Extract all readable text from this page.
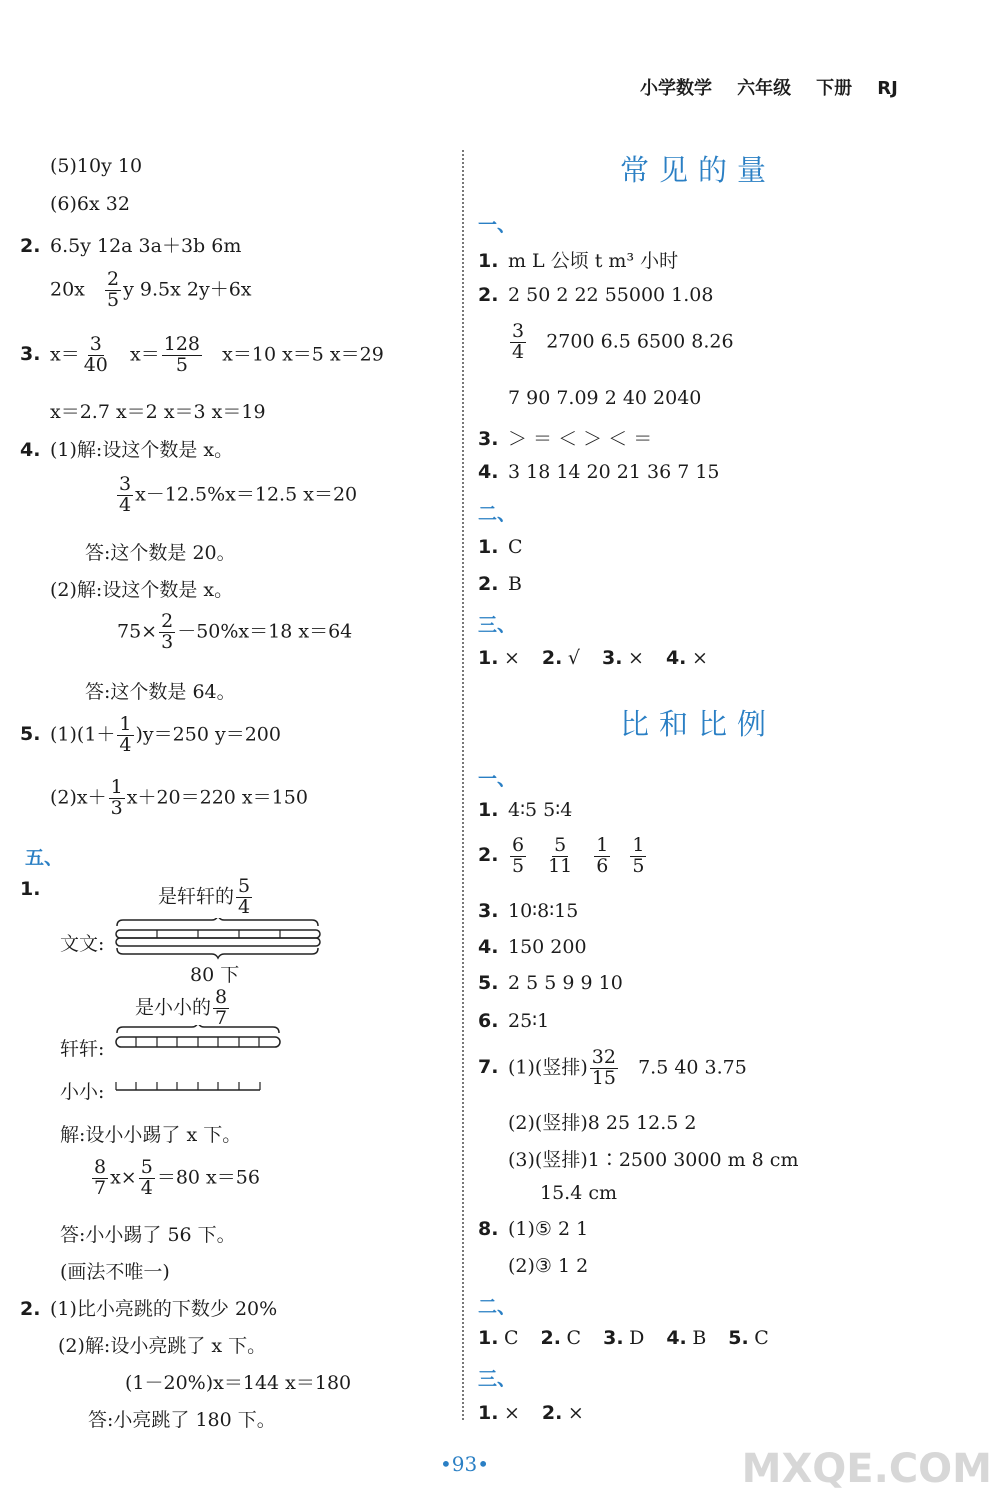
小学数学 六年级 下册 RJ
(5)10y 10
(6)6x 32
2. 6.5y 12a 3a＋3b 6m
$20x \frac{2}{5}$ y 9.5x 2y＋6x
3. $x= \frac{3}{40} x= \frac{128}{5} x=10$ x＝5 x＝29
x＝2.7 x＝2 x＝3 x＝19
4. (1)解:设这个数是 x。
$\frac{3}{4} x-12.5\%x=12.5$ x＝20
答:这个数是 20。
(2)解:设这个数是 x。
$75\times \frac{2}{3} -50\%x=18$ x＝64
答:这个数是 64。
5. $(1)(1+ \frac{1}{4} )y=250$ y＝200
$(2)x+ \frac{1}{3} x+20=220$ x＝150
五、
1.	是轩轩的 $\frac{5}{4}$
文文:
80 下
是小小的 $\frac{8}{7}$
轩轩:
小小:
解:设小小踢了 x 下。
$\frac{8}{7} x\times \frac{5}{4} =80$ x＝56
答:小小踢了 56 下。
(画法不唯一)
2. (1)比小亮跳的下数少 20%
(2)解:设小亮跳了 x 下。
(1－20%)x＝144 x＝180
答:小亮跳了 180 下。
常见的量
一、
1. m L 公顷 t m³ 小时
2. 2 50 2 22 55000 1.08
$\frac{3}{4} 2700$ 6.5 6500 8.26
7 90 7.09 2 40 2040
3. ＞ ＝ ＜ ＞ ＜ ＝
4. 3 18 14 20 21 36 7 15
二、
1. C
2. B
三、
1. × 2. √ 3. × 4. ×
比和比例
一、
1. 4∶5 5∶4
2. $\frac{6}{5} \frac{5}{11} \frac{1}{6} \frac{1}{5}$
3. 10∶8∶15
4. 150 200
5. 2 5 5 9 9 10
6. 25∶1
7. (1)(竖排) $\frac{32}{15} 7.5$ 40 3.75
(2)(竖排)8 25 12.5 2
(3)(竖排)1∶2500 3000 m 8 cm
15.4 cm
8. (1)⑤ 2 1
(2)③ 1 2
二、
1. C 2. C 3. D 4. B 5. C
三、
1. × 2. ×
•93•	MXQE.COM
